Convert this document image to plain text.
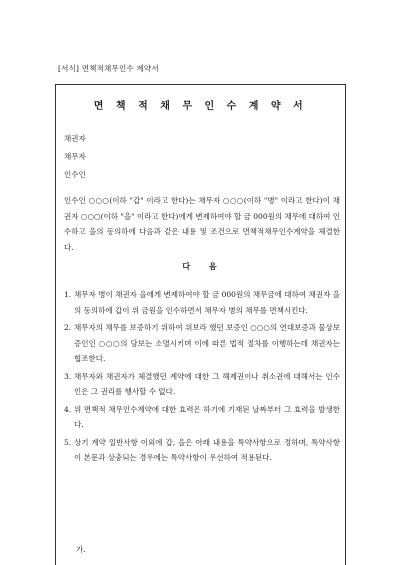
[서식] 면책적채무인수 계약서
면 책 적 채 무 인 수 계 약 서
채권자
채무자
인수인
인수인 ○○○(이하 "갑" 이라고 한다)는 채무자 ○○○(이하 "병" 이라고 한다)이 채권자 ○○○(이하 "을" 이라고 한다)에게 변제하여야 할 금 000원의 채무에 대하여 인수하고 을의 동의하에 다음과 같은 내용 및 조건으로 면책적채무인수계약을 체결한다.
다 음
1. 채무자 병이 채권자 을에게 변제하여야 할 금 000원의 채무금에 대하여 채권자 을의 동의하에 갑이 위 금원을 인수하면서 채무자 병의 채무를 면책시킨다.
2. 채무자의 채무를 보증하기 위하여 위보라 했던 보증인 ○○○의 연대보증과 물상보증인인 ○○○의 담보는 소멸시키며 이에 따른 법적 절차를 이행하는데 채권자는 협조한다.
3. 채무자와 채권자가 체결했던 계약에 대한 그 해제권이나 취소권에 대해서는 인수인은 그 권리를 행사할 수 없다.
4. 위 면책적 채무인수계약에 대한 효력은 하기에 기재된 날짜부터 그 효력을 발생한다.
5. 상기 계약 일반사항 이외에 갑, 을은 아래 내용을 특약사항으로 정하며, 특약사항이 본문과 상충되는 경우에는 특약사항이 우선하여 적용된다.
가.
